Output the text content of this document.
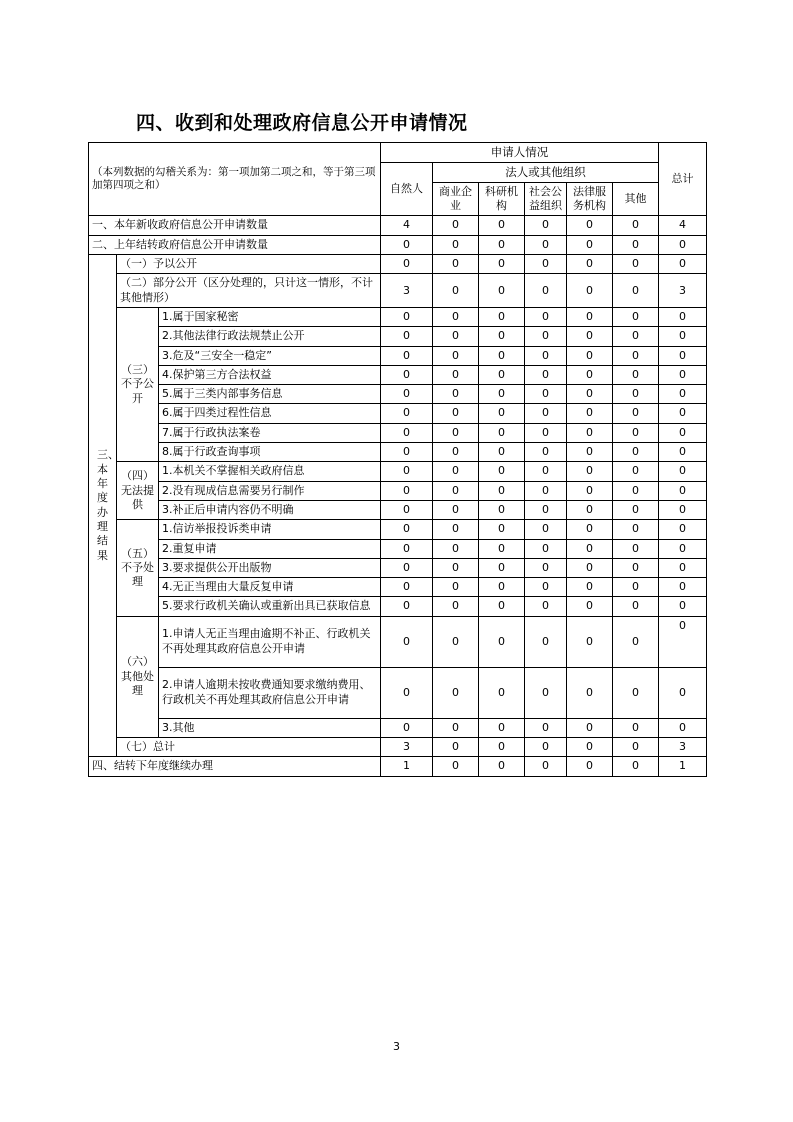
四、收到和处理政府信息公开申请情况
（本列数据的勾稽关系为：第一项加第二项之和，等于第三项加第四项之和）			申请人情况						总计
			自然人	法人或其他组织					
				商业企业	科研机构	社会公益组织	法律服务机构	其他	
一、本年新收政府信息公开申请数量			4	0	0	0	0	0	4
二、上年结转政府信息公开申请数量			0	0	0	0	0	0	0

三、本年度办理结果	（一）予以公开		0	0	0	0	0	0	0
	（二）部分公开（区分处理的，只计这一情形，不计其他情形）		3	0	0	0	0	0	3
	（三）不予公开	1.属于国家秘密	0	0	0	0	0	0	0
		2.其他法律行政法规禁止公开	0	0	0	0	0	0	0
		3.危及“三安全一稳定”	0	0	0	0	0	0	0
		4.保护第三方合法权益	0	0	0	0	0	0	0
		5.属于三类内部事务信息	0	0	0	0	0	0	0
		6.属于四类过程性信息	0	0	0	0	0	0	0
		7.属于行政执法案卷	0	0	0	0	0	0	0
		8.属于行政查询事项	0	0	0	0	0	0	0
	（四）无法提供	1.本机关不掌握相关政府信息	0	0	0	0	0	0	0
		2.没有现成信息需要另行制作	0	0	0	0	0	0	0
		3.补正后申请内容仍不明确	0	0	0	0	0	0	0
	（五）不予处理	1.信访举报投诉类申请	0	0	0	0	0	0	0
		2.重复申请	0	0	0	0	0	0	0
		3.要求提供公开出版物	0	0	0	0	0	0	0
		4.无正当理由大量反复申请	0	0	0	0	0	0	0
		5.要求行政机关确认或重新出具已获取信息	0	0	0	0	0	0	0
	（六）其他处理	1.申请人无正当理由逾期不补正、行政机关不再处理其政府信息公开申请	0	0	0	0	0	0	0
		2.申请人逾期未按收费通知要求缴纳费用、行政机关不再处理其政府信息公开申请	0	0	0	0	0	0	0
		3.其他	0	0	0	0	0	0	0
	（七）总计		3	0	0	0	0	0	3
四、结转下年度继续办理			1	0	0	0	0	0	1
3
